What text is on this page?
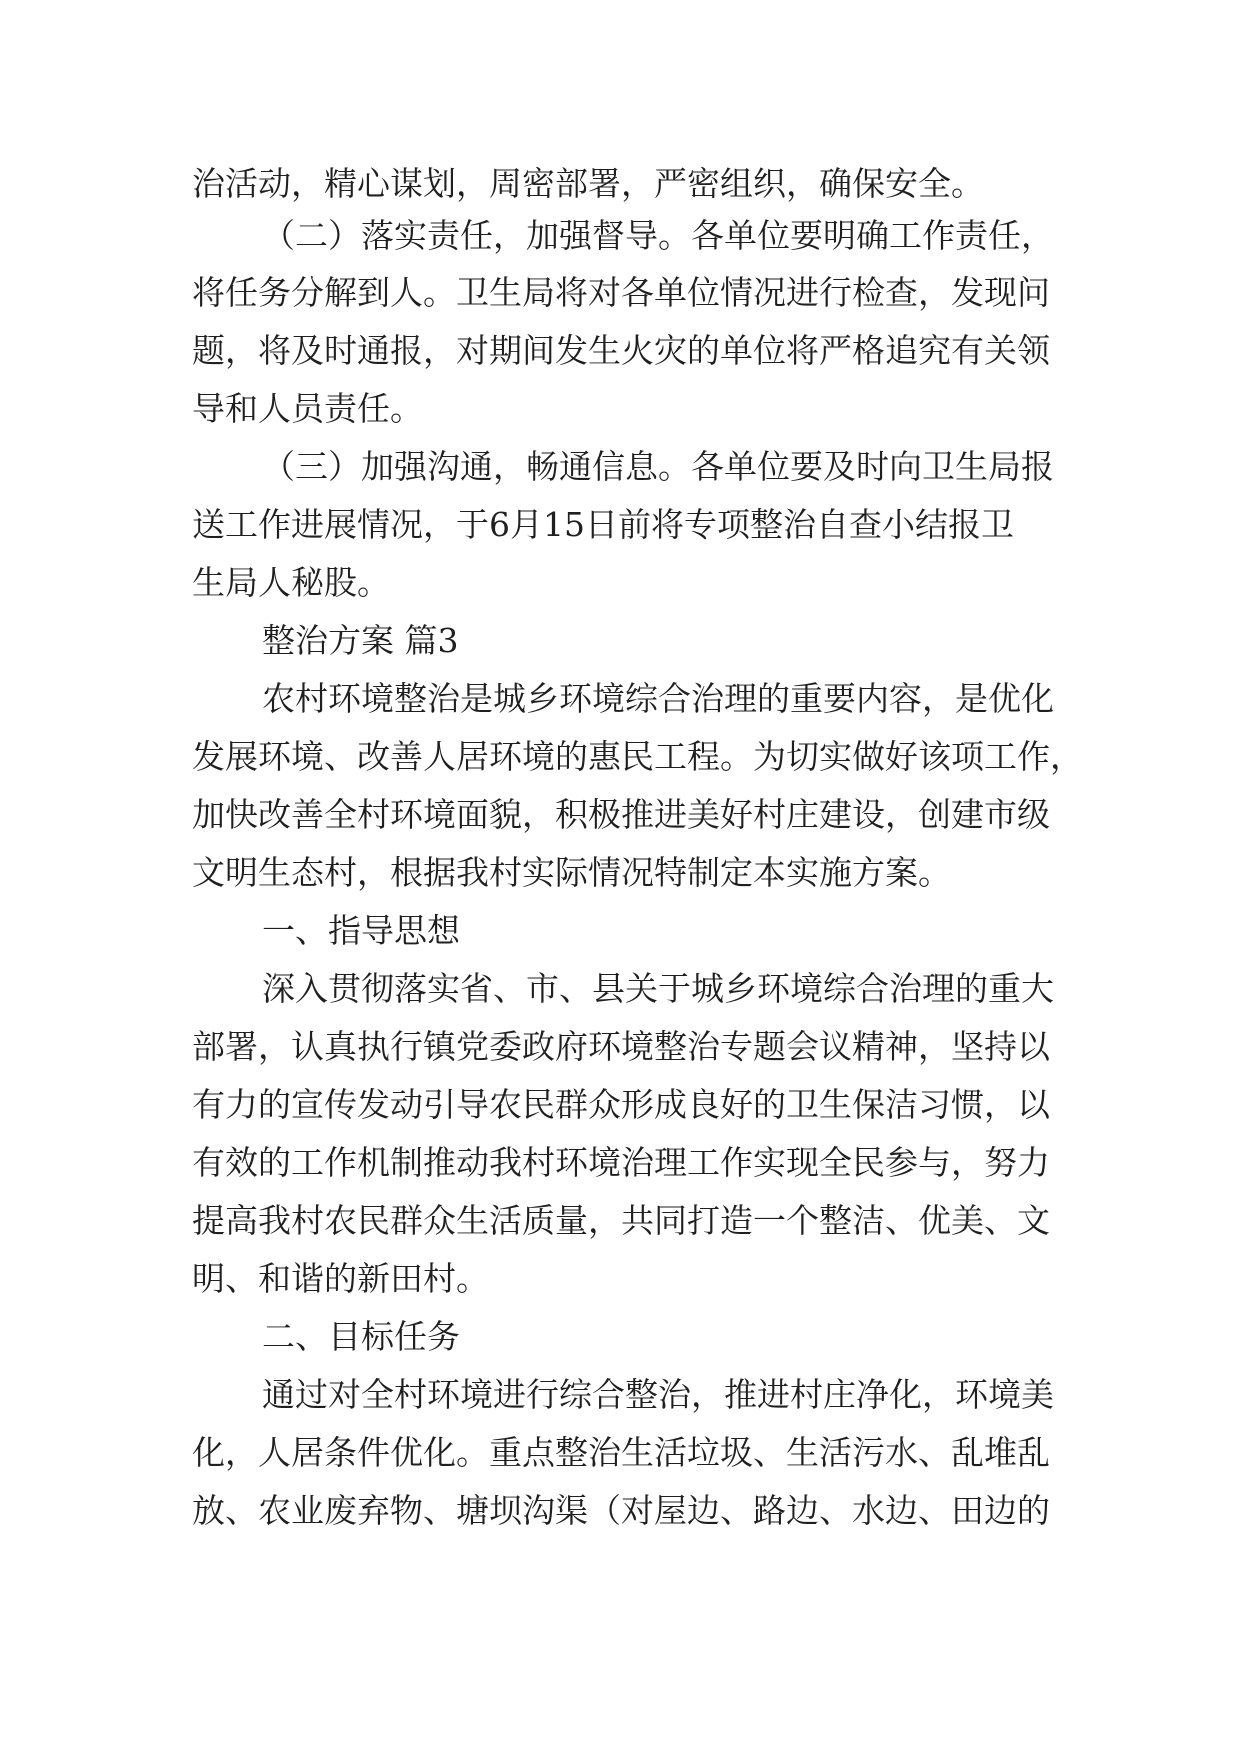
治活动，精心谋划，周密部署，严密组织，确保安全。
（二）落实责任，加强督导。各单位要明确工作责任，
将任务分解到人。卫生局将对各单位情况进行检查，发现问
题，将及时通报，对期间发生火灾的单位将严格追究有关领
导和人员责任。
（三）加强沟通，畅通信息。各单位要及时向卫生局报
送工作进展情况，于6月15日前将专项整治自查小结报卫
生局人秘股。
整治方案 篇3
农村环境整治是城乡环境综合治理的重要内容，是优化
发展环境、改善人居环境的惠民工程。为切实做好该项工作，
加快改善全村环境面貌，积极推进美好村庄建设，创建市级
文明生态村，根据我村实际情况特制定本实施方案。
一、指导思想
深入贯彻落实省、市、县关于城乡环境综合治理的重大
部署，认真执行镇党委政府环境整治专题会议精神，坚持以
有力的宣传发动引导农民群众形成良好的卫生保洁习惯，以
有效的工作机制推动我村环境治理工作实现全民参与，努力
提高我村农民群众生活质量，共同打造一个整洁、优美、文
明、和谐的新田村。
二、目标任务
通过对全村环境进行综合整治，推进村庄净化，环境美
化，人居条件优化。重点整治生活垃圾、生活污水、乱堆乱
放、农业废弃物、塘坝沟渠（对屋边、路边、水边、田边的
